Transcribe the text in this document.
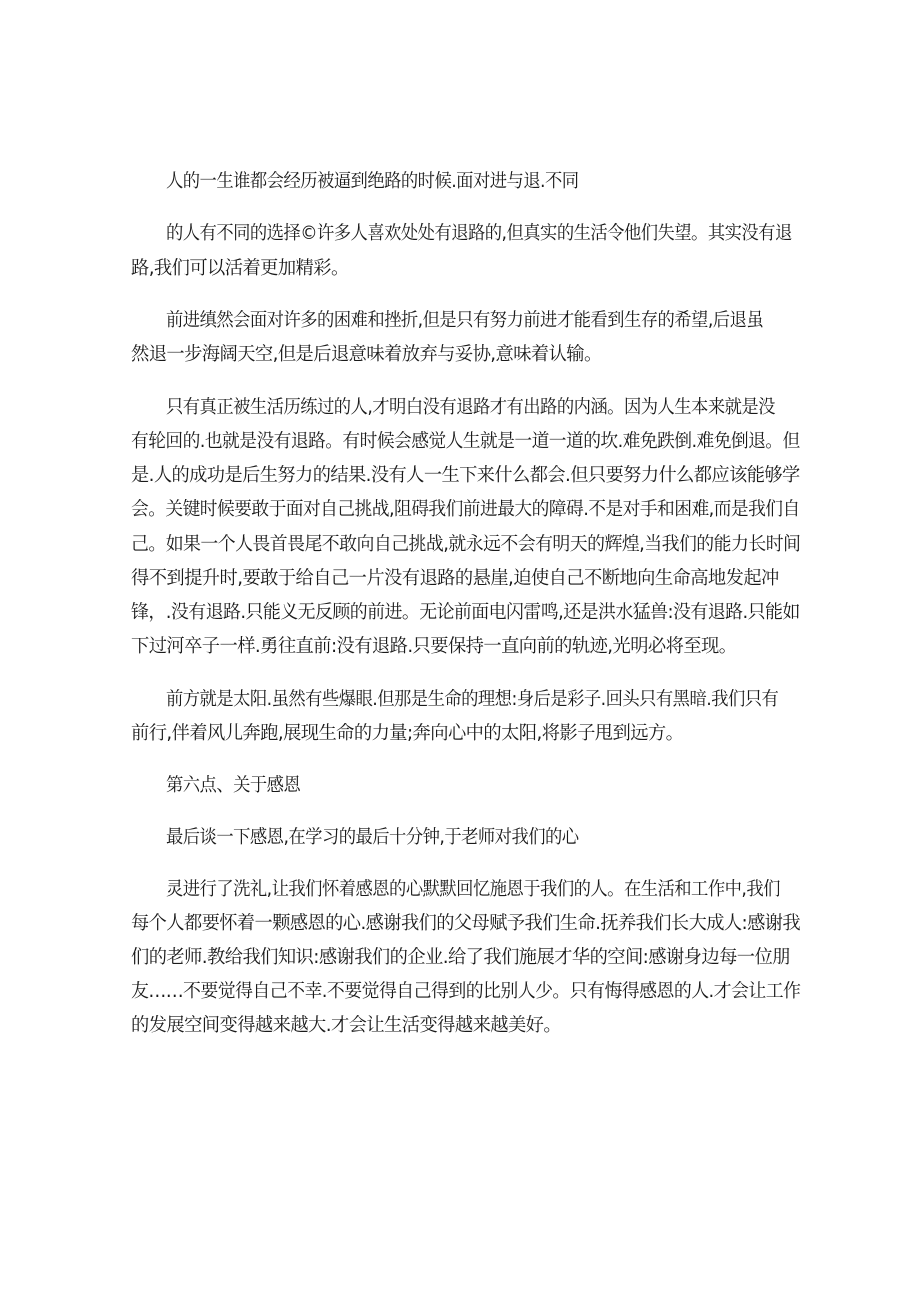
人的一生谁都会经历被逼到绝路的时候.面对进与退.不同
的人有不同的选择©许多人喜欢处处有退路的,但真实的生活令他们失望。其实没有退
路,我们可以活着更加精彩。
前进缜然会面对许多的困难和挫折,但是只有努力前进才能看到生存的希望,后退虽
然退一步海阔天空,但是后退意味着放弃与妥协,意味着认输。
只有真正被生活历练过的人,才明白没有退路才有出路的内涵。因为人生本来就是没
有轮回的.也就是没有退路。有时候会感觉人生就是一道一道的坎.难免跌倒.难免倒退。但
是.人的成功是后生努力的结果.没有人一生下来什么都会.但只要努力什么都应该能够学
会。关键时候要敢于面对自己挑战,阻碍我们前进最大的障碍.不是对手和困难,而是我们自
己。如果一个人畏首畏尾不敢向自己挑战,就永远不会有明天的辉煌,当我们的能力长时间
得不到提升时,要敢于给自己一片没有退路的悬崖,迫使自己不断地向生命高地发起冲
锋，.没有退路.只能义无反顾的前进。无论前面电闪雷鸣,还是洪水猛兽:没有退路.只能如
下过河卒子一样.勇往直前:没有退路.只要保持一直向前的轨迹,光明必将至现。
前方就是太阳.虽然有些爆眼.但那是生命的理想:身后是彩子.回头只有黑暗.我们只有
前行,伴着风儿奔跑,展现生命的力量;奔向心中的太阳,将影子甩到远方。
第六点、关于感恩
最后谈一下感恩,在学习的最后十分钟,于老师对我们的心
灵进行了洗礼,让我们怀着感恩的心默默回忆施恩于我们的人。在生活和工作中,我们
每个人都要怀着一颗感恩的心.感谢我们的父母赋予我们生命.抚养我们长大成人:感谢我
们的老师.教给我们知识:感谢我们的企业.给了我们施展才华的空间:感谢身边每一位朋
友……不要觉得自己不幸.不要觉得自己得到的比别人少。只有悔得感恩的人.才会让工作
的发展空间变得越来越大.才会让生活变得越来越美好。
